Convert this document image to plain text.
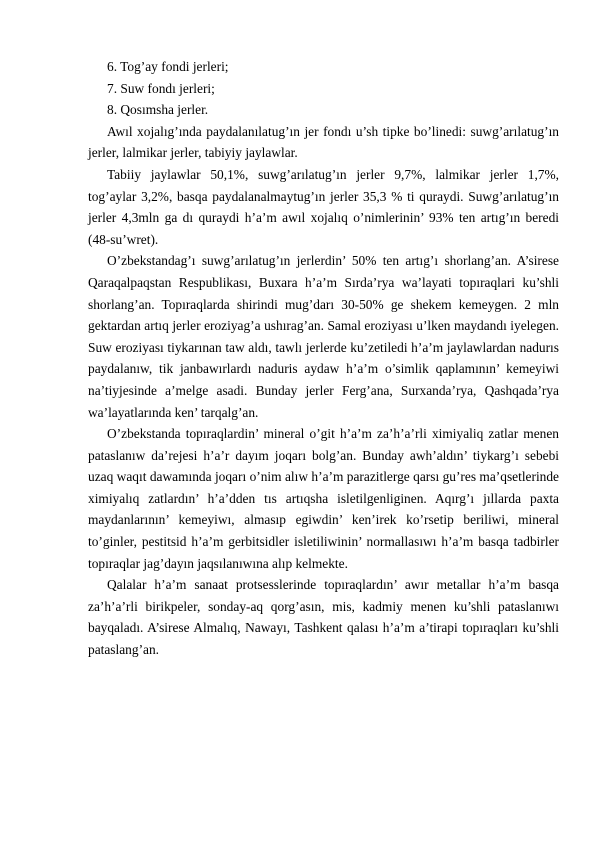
6. Tog’ay fondi jerleri;

7. Suw fondı jerleri;

8. Qosımsha jerler.

Awıl xojalıg’ında paydalanılatug’ın jer fondı u’sh tipke bo’linedi: suwg’arılatug’ın jerler, lalmikar jerler, tabiyiy jaylawlar.

Tabiiy jaylawlar 50,1%, suwg’arılatug’ın jerler 9,7%, lalmikar jerler 1,7%, tog’aylar 3,2%, basqa paydalanalmaytug’ın jerler 35,3 % ti quraydi. Suwg’arılatug’ın jerler 4,3mln ga dı quraydi h’a’m awıl xojalıq o’nimlerinin’ 93% ten artıg’ın beredi (48-su’wret).

O’zbekstandag’ı suwg’arılatug’ın jerlerdin’ 50% ten artıg’ı shorlang’an. A’sirese Qaraqalpaqstan Respublikası, Buxara h’a’m Sırda’rya wa’layati topıraqlari ku’shli shorlang’an. Topıraqlarda shirindi mug’darı 30-50% ge shekem kemeygen. 2 mln gektardan artıq jerler eroziyag’a ushırag’an. Samal eroziyası u’lken maydandı iyelegen. Suw eroziyası tiykarınan taw aldı, tawlı jerlerde ku’zetiledi h’a’m jaylawlardan nadurıs paydalanıw, tik janbawırlardı naduris aydaw h’a’m o’simlik qaplamının’ kemeyiwi na’tiyjesinde a’melge asadi. Bunday jerler Ferg’ana, Surxanda’rya, Qashqada’rya wa’layatlarında ken’ tarqalg’an.

O’zbekstanda topıraqlardin’ mineral o’git h’a’m za’h’a’rli ximiyaliq zatlar menen pataslanıw da’rejesi h’a’r dayım joqarı bolg’an. Bunday awh’aldın’ tiykarg’ı sebebi uzaq waqıt dawamında joqarı o’nim alıw h’a’m parazitlerge qarsı gu’res ma’qsetlerinde ximiyalıq zatlardın’ h’a’dden tıs artıqsha isletilgenliginen. Aqırg’ı jıllarda paxta maydanlarının’ kemeyiwı, almasıp egiwdin’ ken’irek ko’rsetip beriliwi, mineral to’ginler, pestitsid h’a’m gerbitsidler isletiliwinin’ normallasıwı h’a’m basqa tadbirler topıraqlar jag’dayın jaqsılanıwına alıp kelmekte.

Qalalar h’a’m sanaat protsesslerinde topıraqlardın’ awır metallar h’a’m basqa za’h’a’rli birikpeler, sonday-aq qorg’asın, mis, kadmiy menen ku’shli pataslanıwı bayqaladı. A’sirese Almalıq, Nawayı, Tashkent qalası h’a’m a’tirapi topıraqları ku’shli pataslang’an.
